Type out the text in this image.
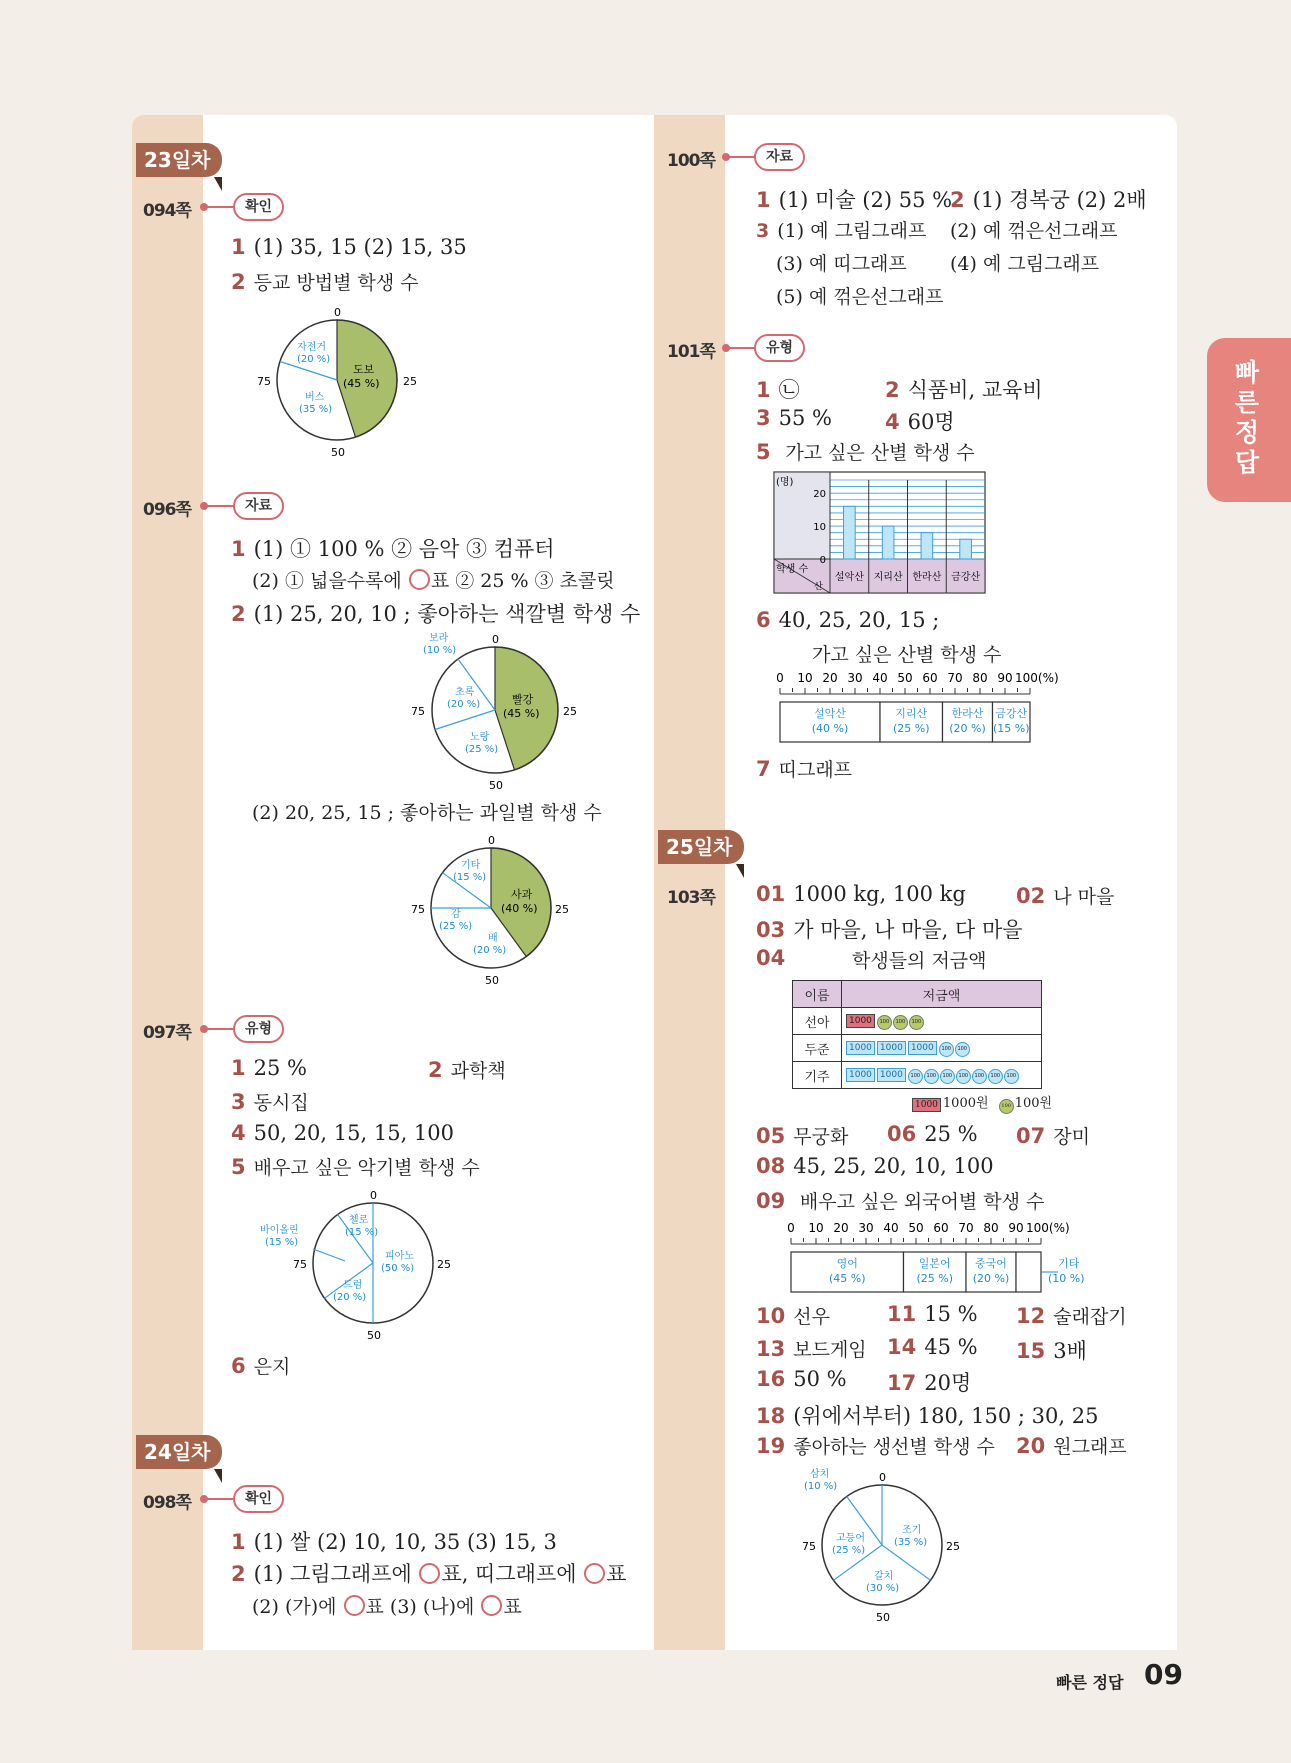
23일차
094쪽	확인
1 (1) 35, 15 (2) 15, 35
2 등교 방법별 학생 수
0
25
50
75
도보
(45 %)
자전거
(20 %)
버스
(35 %)
096쪽	자료
1 (1) ① 100 % ② 음악 ③ 컴퓨터
(2) ① 넓을수록에 ○표 ② 25 % ③ 초콜릿
2 (1) 25, 20, 10 ; 좋아하는 색깔별 학생 수
0
25
50
75
빨강
(45 %)
노랑
(25 %)
초록
(20 %)
보라
(10 %)
(2) 20, 25, 15 ; 좋아하는 과일별 학생 수
0
25
50
75
사과
(40 %)
배
(20 %)
감
(25 %)
기타
(15 %)
097쪽	유형
1 25 %	2 과학책
3 동시집
4 50, 20, 15, 15, 100
5 배우고 싶은 악기별 학생 수
0
25
50
75
피아노
(50 %)
드럼
(20 %)
바이올린
(15 %)
첼로
(15 %)
6 은지
24일차
098쪽	확인
1 (1) 쌀 (2) 10, 10, 35 (3) 15, 3
2 (1) 그림그래프에 ○표, 띠그래프에 ○표
(2) (가)에 ○표 (3) (나)에 ○표
100쪽	자료
1 (1) 미술 (2) 55 %
2 (1) 경복궁 (2) 2배
3 (1) 예 그림그래프 (2) 예 꺾은선그래프
(3) 예 띠그래프 (4) 예 그림그래프
(5) 예 꺾은선그래프
101쪽	유형
1 ㉡	2 식품비, 교육비
3 55 %	4 60명
5 가고 싶은 산별 학생 수
(명)
학생 수
산
설악산 지리산 한라산 금강산
0
10
20
6 40, 25, 20, 15 ;
가고 싶은 산별 학생 수
0 10 20 30 40 50 60 70 80 90 100(%)
설악산
(40 %)
지리산
(25 %)
한라산
(20 %)
금강산
(15 %)
7 띠그래프
25일차
103쪽 01 1000 kg, 100 kg 02 나 마을
03 가 마을, 나 마을, 다 마을
04	학생들의 저금액
이름	저금액
선아	1000 100 100 100
두준	1000 1000 1000 100 100
기주	1000 1000 100 100 100 100 100 100 100
1000 1000원	100 100원
05 무궁화 06 25 % 07 장미
08 45, 25, 20, 10, 100
09 배우고 싶은 외국어별 학생 수
0 10 20 30 40 50 60 70 80 90 100(%)
영어
(45 %)
일본어
(25 %)
중국어
(20 %)
기타
(10 %)
10 선우	11 15 % 12 술래잡기
13 보드게임 14 45 % 15 3배
16 50 % 17 20명
18 (위에서부터) 180, 150 ; 30, 25
19 좋아하는 생선별 학생 수 20 원그래프
0
25
50
75
조기
(35 %)
갈치
(30 %)
고등어
(25 %)
삼치
(10 %)
빠른정답
빠른 정답 09
